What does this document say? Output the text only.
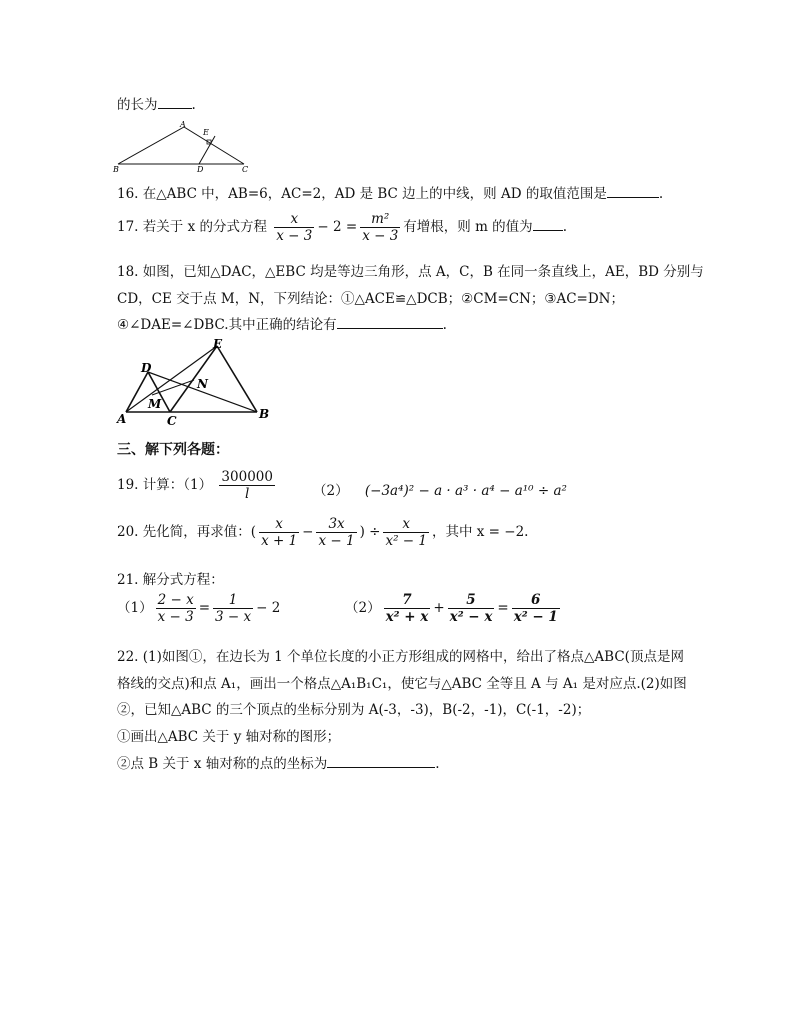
的长为	.
A
B	C
D
E
16. 在△ABC 中，AB=6，AC=2，AD 是 BC 边上的中线，则 AD 的取值范围是	.
17. 若关于 x 的分式方程 $\frac{x}{x - 3} - 2 = \frac{\text{m²}}{x - 3}$ 有增根，则 m 的值为 .
18. 如图，已知△DAC，△EBC 均是等边三角形，点 A，C，B 在同一条直线上，AE，BD 分别与
CD，CE 交于点 M，N，下列结论：①△ACE≌△DCB；②CM=CN；③AC=DN；
④∠DAE=∠DBC.其中正确的结论有	.
A	B
C
D
E
M
N
三、解下列各题：
19. 计算：$(1) \frac{300000}{l}$	（2） (−3a⁴)² − a · a³ · a⁴ − a¹⁰ ÷ a²
20. 先化简，再求值：( $\frac{x}{x + 1} - \frac{3x}{x - 1}$ ) ÷ $\frac{x}{\text{x² − 1}}$ ，其中 x = −2.
21. 解分式方程：
$(1) \frac{2 - x}{x - 3} = \frac{1}{3 - x} - 2$	$(2) \frac{7}{\text{x² + x}} + \frac{5}{\text{x² − x}} = \frac{6}{\text{x² − 1}}$
22. (1)如图①，在边长为 1 个单位长度的小正方形组成的网格中，给出了格点△ABC(顶点是网
格线的交点)和点 A₁，画出一个格点△A₁B₁C₁，使它与△ABC 全等且 A 与 A₁ 是对应点.(2)如图
②，已知△ABC 的三个顶点的坐标分别为 A(-3，-3)，B(-2，-1)，C(-1，-2)；
①画出△ABC 关于 y 轴对称的图形；
②点 B 关于 x 轴对称的点的坐标为	.
